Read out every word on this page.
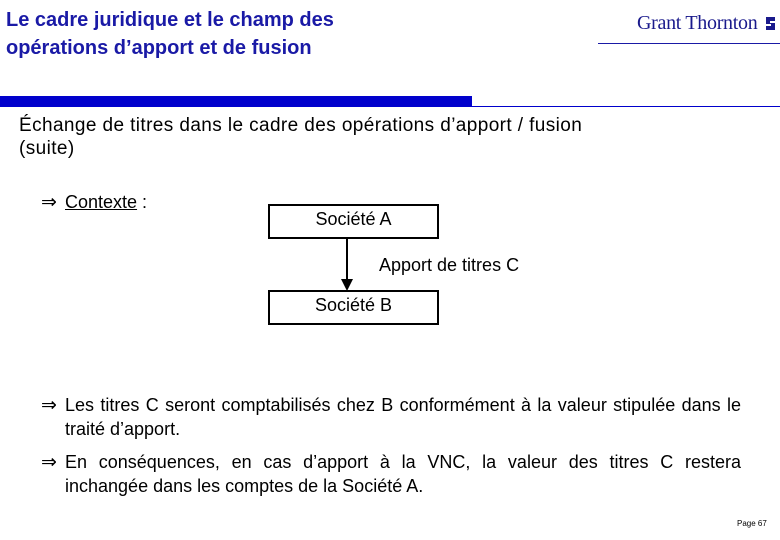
Le cadre juridique et le champ des
opérations d’apport et de fusion
Grant Thornton
Échange de titres dans le cadre des opérations d’apport / fusion
(suite)
⇒ Contexte :
Société A
Apport de titres C
Société B
⇒ Les titres C seront comptabilisés chez B conformément à la valeur stipulée dans le traité d’apport.
⇒ En conséquences, en cas d’apport à la VNC, la valeur des titres C restera inchangée dans les comptes de la Société A.
Page 67
